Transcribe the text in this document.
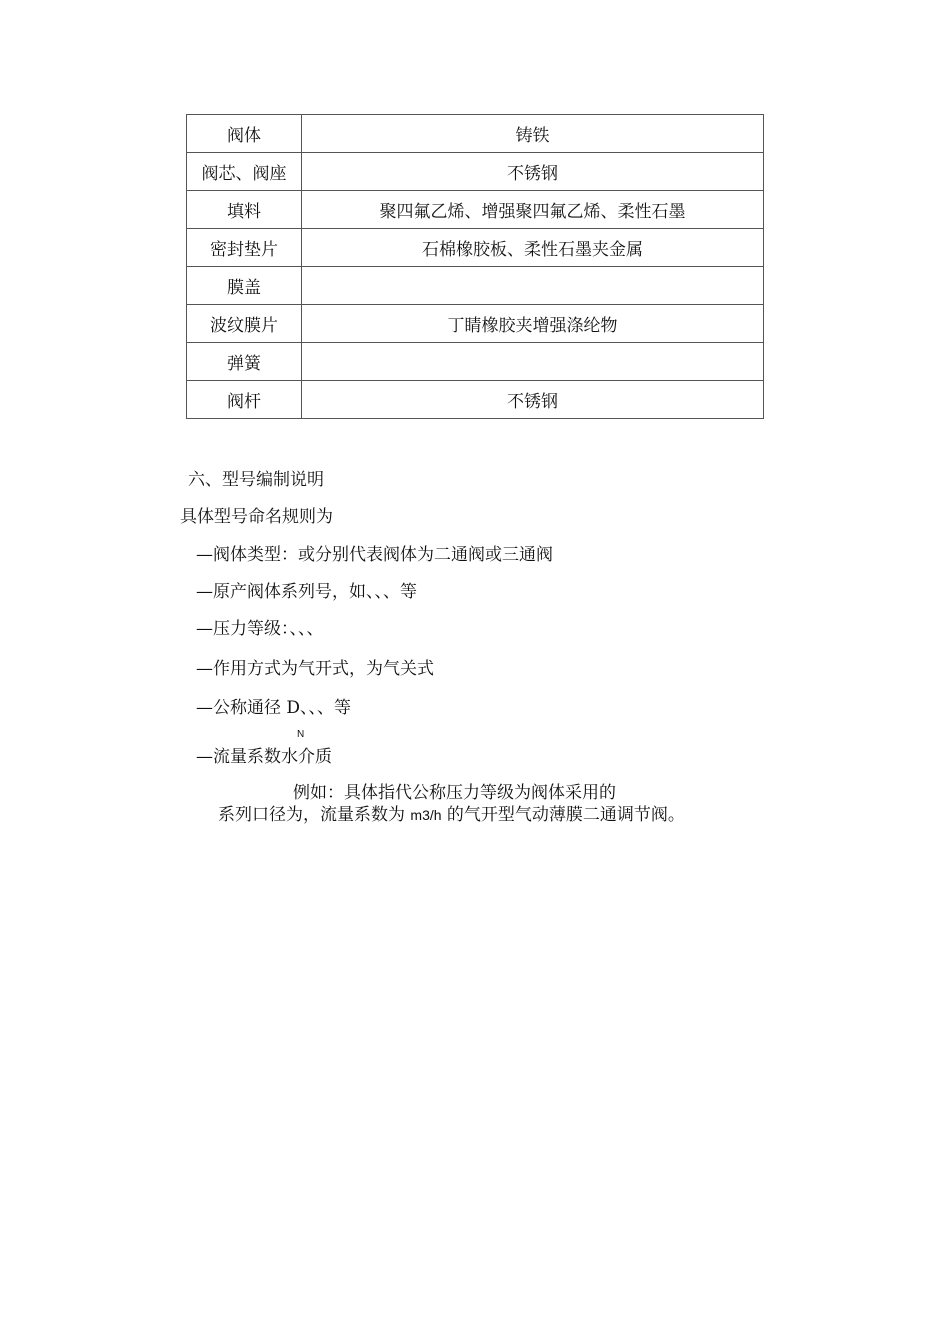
阀体	铸铁
阀芯、阀座	不锈钢
填料	聚四氟乙烯、增强聚四氟乙烯、柔性石墨
密封垫片	石棉橡胶板、柔性石墨夹金属
膜盖	
波纹膜片	丁睛橡胶夹增强涤纶物
弹簧	
阀杆	不锈钢
六、型号编制说明
具体型号命名规则为
—阀体类型：或分别代表阀体为二通阀或三通阀
—原产阀体系列号，如、、、等
—压力等级：、、、
—作用方式为气开式，为气关式
—公称通径 D
N
、、、等
—流量系数水介质
例如：具体指代公称压力等级为阀体采用的
系列口径为，流量系数为 m3/h 的气开型气动薄膜二通调节阀。
